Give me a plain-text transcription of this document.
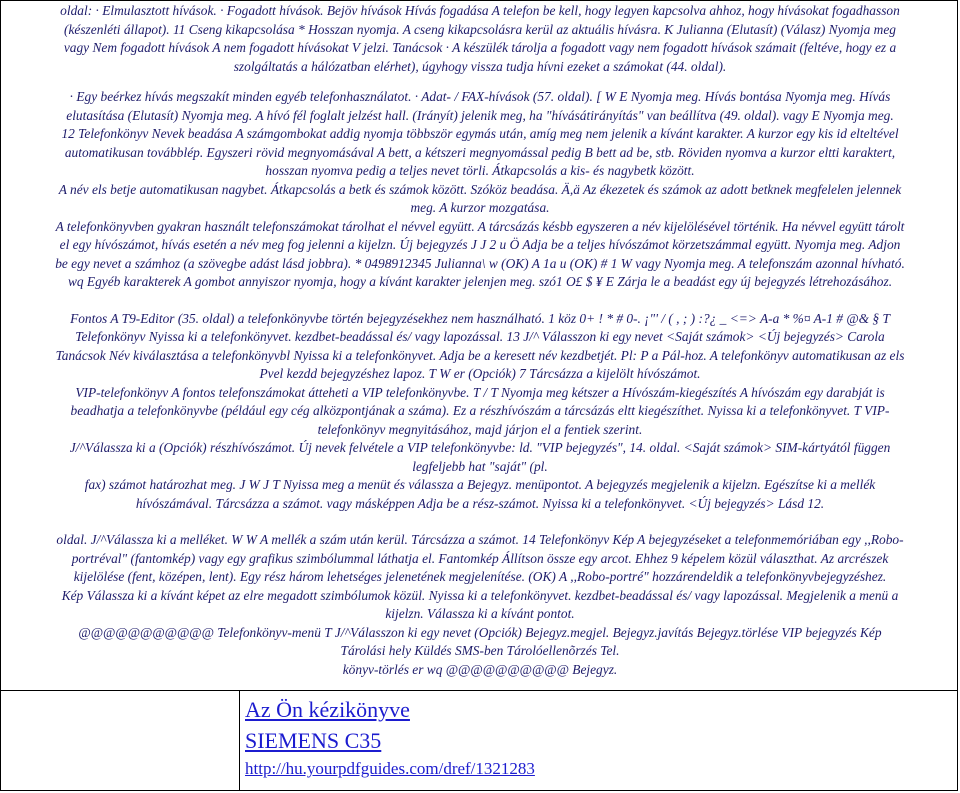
oldal: · Elmulasztott hívások. · Fogadott hívások. Bejöv hívások Hívás fogadása A telefon be kell, hogy legyen kapcsolva ahhoz, hogy hívásokat fogadhasson

(készenléti állapot). 11 Cseng kikapcsolása * Hosszan nyomja. A cseng kikapcsolásra kerül az aktuális hívásra. K Julianna (Elutasít) (Válasz) Nyomja meg

vagy Nem fogadott hívások A nem fogadott hívásokat V jelzi. Tanácsok · A készülék tárolja a fogadott vagy nem fogadott hívások számait (feltéve, hogy ez a

szolgáltatás a hálózatban elérhet), úgyhogy vissza tudja hívni ezeket a számokat (44. oldal).

· Egy beérkez hívás megszakít minden egyéb telefonhasználatot. · Adat- / FAX-hívások (57. oldal). [ W E Nyomja meg. Hívás bontása Nyomja meg. Hívás

elutasítása (Elutasít) Nyomja meg. A hívó fél foglalt jelzést hall. (Irányít) jelenik meg, ha "hívásátirányítás" van beállítva (49. oldal). vagy E Nyomja meg.

12 Telefonkönyv Nevek beadása A számgombokat addig nyomja többször egymás után, amíg meg nem jelenik a kívánt karakter. A kurzor egy kis id elteltével

automatikusan továbblép. Egyszeri rövid megnyomásával A bett, a kétszeri megnyomással pedig B bett ad be, stb. Röviden nyomva a kurzor eltti karaktert,

hosszan nyomva pedig a teljes nevet törli. Átkapcsolás a kis- és nagybetk között.

A név els betje automatikusan nagybet. Átkapcsolás a betk és számok között. Szóköz beadása. Ä,ä Az ékezetek és számok az adott betknek megfelelen jelennek

meg. A kurzor mozgatása.

A telefonkönyvben gyakran használt telefonszámokat tárolhat el névvel együtt. A tárcsázás késbb egyszeren a név kijelölésével történik. Ha névvel együtt tárolt

el egy hívószámot, hívás esetén a név meg fog jelenni a kijelzn. Új bejegyzés J J 2 u Ö Adja be a teljes hívószámot körzetszámmal együtt. Nyomja meg. Adjon

be egy nevet a számhoz (a szövegbe adást lásd jobbra). * 0498912345 Julianna\ w (OK) A 1a u (OK) # 1 W vagy Nyomja meg. A telefonszám azonnal hívható.

wq Egyéb karakterek A gombot annyiszor nyomja, hogy a kívánt karakter jelenjen meg. szó1 O£ $ ¥ E Zárja le a beadást egy új bejegyzés létrehozásához.

Fontos A T9-Editor (35. oldal) a telefonkönyvbe történ bejegyzésekhez nem használható. 1 köz 0+ ! * # 0-. ¡"' / ( , ; ) :?¿ _ <=> A-a * %¤ A-1 # @& § T

Telefonkönyv Nyissa ki a telefonkönyvet. kezdbet-beadással és/ vagy lapozással. 13 J/^ Válasszon ki egy nevet <Saját számok> <Új bejegyzés> Carola

Tanácsok Név kiválasztása a telefonkönyvbl Nyissa ki a telefonkönyvet. Adja be a keresett név kezdbetjét. Pl: P a Pál-hoz. A telefonkönyv automatikusan az els

Pvel kezdd bejegyzéshez lapoz. T W er (Opciók) 7 Tárcsázza a kijelölt hívószámot.

VIP-telefonkönyv A fontos telefonszámokat átteheti a VIP telefonkönyvbe. T / T Nyomja meg kétszer a Hívószám-kiegészítés A hívószám egy darabját is

beadhatja a telefonkönyvbe (például egy cég alközpontjának a száma). Ez a részhívószám a tárcsázás eltt kiegészíthet. Nyissa ki a telefonkönyvet. T VIP-

telefonkönyv megnyitásához, majd járjon el a fentiek szerint.

J/^Válassza ki a (Opciók) részhívószámot. Új nevek felvétele a VIP telefonkönyvbe: ld. "VIP bejegyzés", 14. oldal. <Saját számok> SIM-kártyától függen

legfeljebb hat "saját" (pl.

fax) számot határozhat meg. J W J T Nyissa meg a menüt és válassza a Bejegyz. menüpontot. A bejegyzés megjelenik a kijelzn. Egészítse ki a mellék

hívószámával. Tárcsázza a számot. vagy másképpen Adja be a rész-számot. Nyissa ki a telefonkönyvet. <Új bejegyzés> Lásd 12.

oldal. J/^Válassza ki a melléket. W W A mellék a szám után kerül. Tárcsázza a számot. 14 Telefonkönyv Kép A bejegyzéseket a telefonmemóriában egy ,,Robo-

portréval" (fantomkép) vagy egy grafikus szimbólummal láthatja el. Fantomkép Állítson össze egy arcot. Ehhez 9 képelem közül választhat. Az arcrészek

kijelölése (fent, középen, lent). Egy rész három lehetséges jelenetének megjelenítése. (OK) A ,,Robo-portré" hozzárendeldik a telefonkönyvbejegyzéshez.

Kép Válassza ki a kívánt képet az elre megadott szimbólumok közül. Nyissa ki a telefonkönyvet. kezdbet-beadással és/ vagy lapozással. Megjelenik a menü a

kijelzn. Válassza ki a kívánt pontot.

@@@@@@@@@@@ Telefonkönyv-menü T J/^Válasszon ki egy nevet (Opciók) Bejegyz.megjel. Bejegyz.javítás Bejegyz.törlése VIP bejegyzés Kép

Tárolási hely Küldés SMS-ben Tárolóellenõrzés Tel.

könyv-törlés er wq @@@@@@@@@@ Bejegyz.

Az Ön kézikönyve
SIEMENS C35
http://hu.yourpdfguides.com/dref/1321283
